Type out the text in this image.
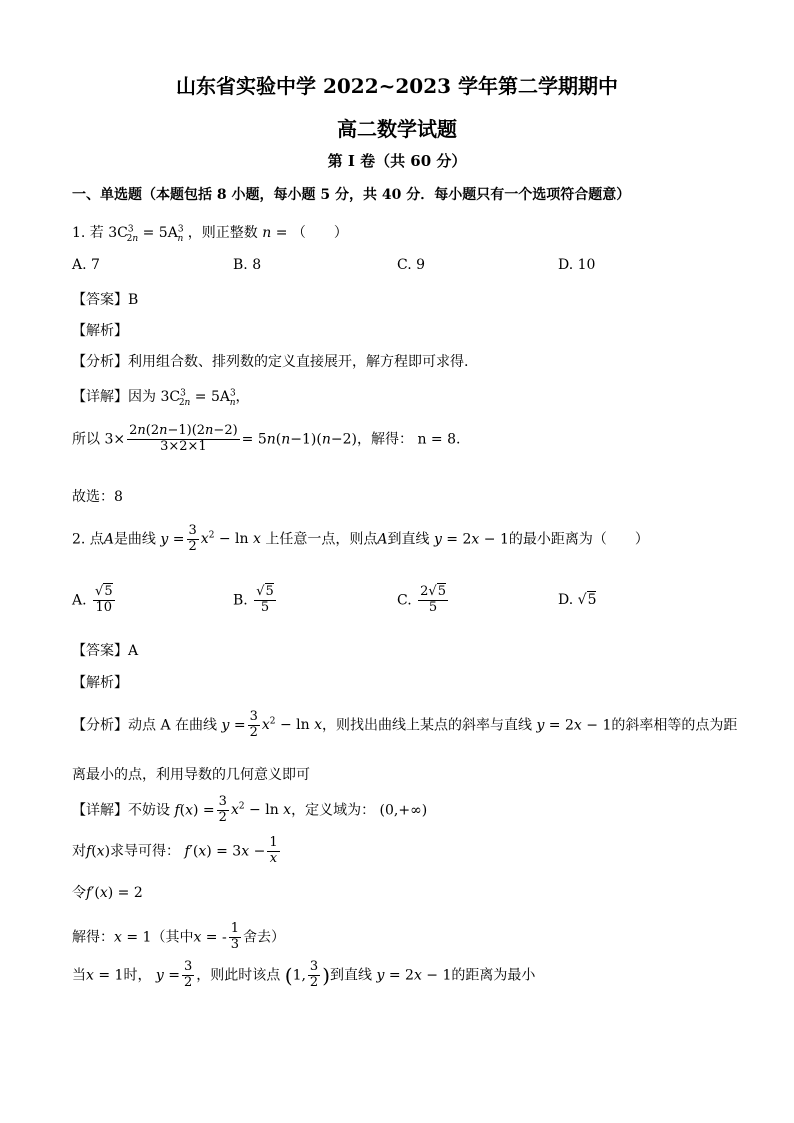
山东省实验中学 2022~2023 学年第二学期期中
高二数学试题
第 I 卷（共 60 分）
一、单选题（本题包括 8 小题，每小题 5 分，共 40 分．每小题只有一个选项符合题意）
1. 若 $3C^3_{2n} = 5A^3_n$ ，则正整数 n = （　　）
A. 7	B. 8	C. 9	D. 10
【答案】B
【解析】
【分析】利用组合数、排列数的定义直接展开，解方程即可求得.
【详解】因为 $3C^3_{2n} = 5A^3_n$，
所以 $3\times \frac{2n(2n-1)(2n-2)}{3\times 2\times 1} = 5n(n-1)(n-2)$，解得： n = 8.
故选：8
2. 点A是曲线 $y = \frac{3}{2} x^2 - \ln x$ 上任意一点，则点A到直线 y = 2x − 1的最小距离为（　　）
A. $\frac{√5}{10}$	B. $\frac{√5}{5}$	C. $\frac{2√5}{5}$	D. √5
【答案】A
【解析】
【分析】动点 A 在曲线 $y = \frac{3}{2} x^2 - \ln x$，则找出曲线上某点的斜率与直线 y = 2x − 1的斜率相等的点为距
离最小的点，利用导数的几何意义即可
【详解】不妨设 $f(x) = \frac{3}{2} x^2 - \ln x$，定义域为： (0,+∞)
对f(x)求导可得： $f'(x) = 3x - \frac{1}{x}$
令f′(x) = 2
解得：x = 1（其中x = - $\frac{1}{3}$ 舍去）
当x = 1时， $y = \frac{3}{2}$ ，则此时该点 (1, $\frac{3}{2}$ )到直线 y = 2x − 1的距离为最小
